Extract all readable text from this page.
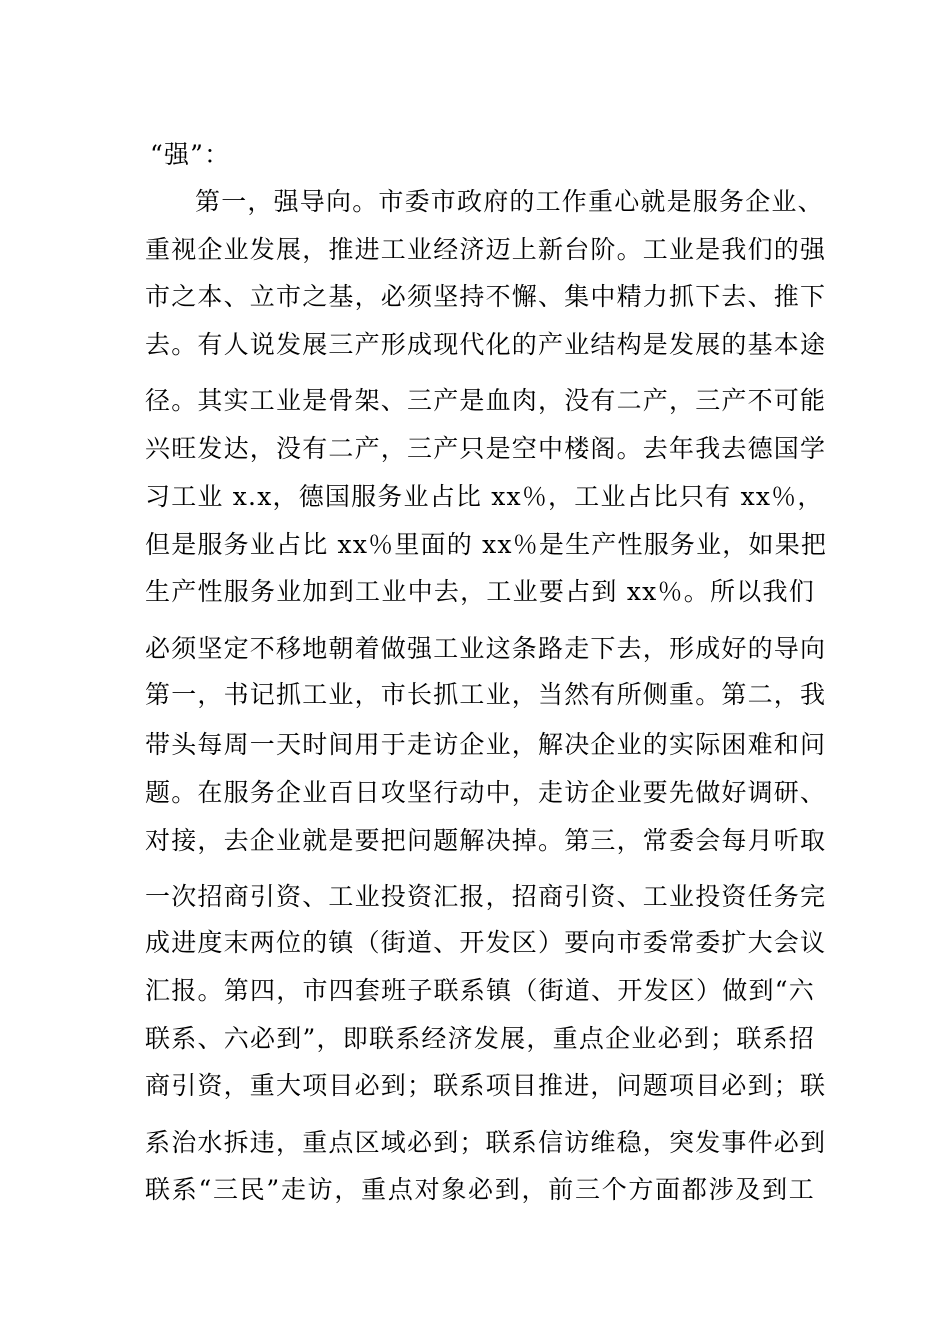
“强”：
第一，强导向。市委市政府的工作重心就是服务企业、
重视企业发展，推进工业经济迈上新台阶。工业是我们的强
市之本、立市之基，必须坚持不懈、集中精力抓下去、推下
去。有人说发展三产形成现代化的产业结构是发展的基本途
径。其实工业是骨架、三产是血肉，没有二产，三产不可能
兴旺发达，没有二产，三产只是空中楼阁。去年我去德国学
习工业 x.x，德国服务业占比 xx％，工业占比只有 xx％，
但是服务业占比 xx％里面的 xx％是生产性服务业，如果把
生产性服务业加到工业中去，工业要占到 xx％。所以我们
必须坚定不移地朝着做强工业这条路走下去，形成好的导向
第一，书记抓工业，市长抓工业，当然有所侧重。第二，我
带头每周一天时间用于走访企业，解决企业的实际困难和问
题。在服务企业百日攻坚行动中，走访企业要先做好调研、
对接，去企业就是要把问题解决掉。第三，常委会每月听取
一次招商引资、工业投资汇报，招商引资、工业投资任务完
成进度末两位的镇（街道、开发区）要向市委常委扩大会议
汇报。第四，市四套班子联系镇（街道、开发区）做到“六
联系、六必到”，即联系经济发展，重点企业必到；联系招
商引资，重大项目必到；联系项目推进，问题项目必到；联
系治水拆违，重点区域必到；联系信访维稳，突发事件必到
联系“三民”走访，重点对象必到，前三个方面都涉及到工
